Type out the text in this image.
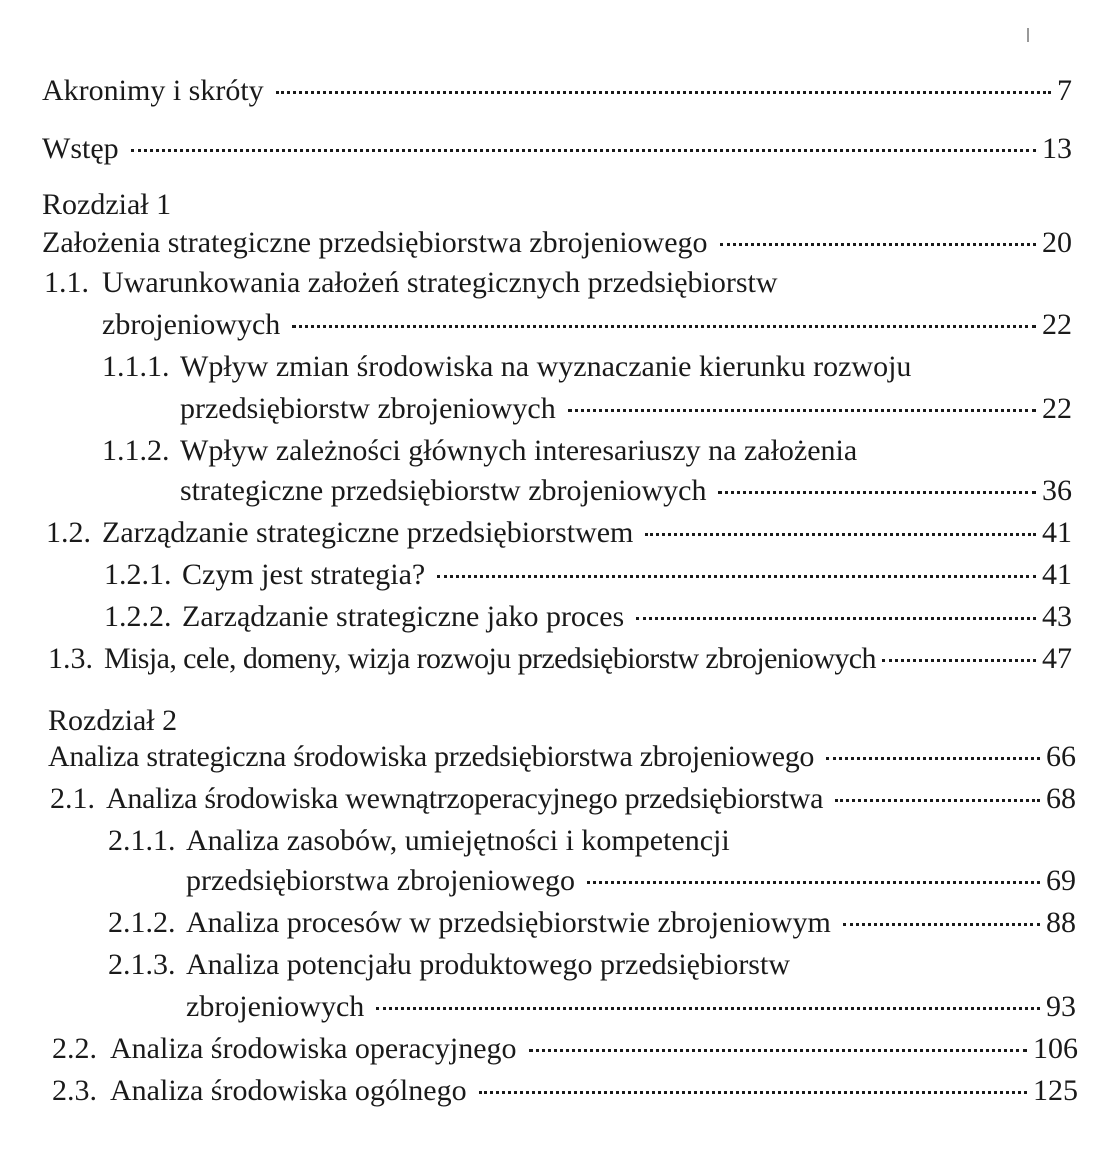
Akronimy i skróty	7
Wstęp	13
Rozdział 1
Założenia strategiczne przedsiębiorstwa zbrojeniowego	20
1.1. Uwarunkowania założeń strategicznych przedsiębiorstw
zbrojeniowych	22
1.1.1. Wpływ zmian środowiska na wyznaczanie kierunku rozwoju
przedsiębiorstw zbrojeniowych	22
1.1.2. Wpływ zależności głównych interesariuszy na założenia
strategiczne przedsiębiorstw zbrojeniowych	36
1.2. Zarządzanie strategiczne przedsiębiorstwem	41
1.2.1. Czym jest strategia?	41
1.2.2. Zarządzanie strategiczne jako proces	43
1.3. Misja, cele, domeny, wizja rozwoju przedsiębiorstw zbrojeniowych	47
Rozdział 2
Analiza strategiczna środowiska przedsiębiorstwa zbrojeniowego	66
2.1. Analiza środowiska wewnątrzoperacyjnego przedsiębiorstwa	68
2.1.1. Analiza zasobów, umiejętności i kompetencji
przedsiębiorstwa zbrojeniowego	69
2.1.2. Analiza procesów w przedsiębiorstwie zbrojeniowym	88
2.1.3. Analiza potencjału produktowego przedsiębiorstw
zbrojeniowych	93
2.2. Analiza środowiska operacyjnego	106
2.3. Analiza środowiska ogólnego	125
